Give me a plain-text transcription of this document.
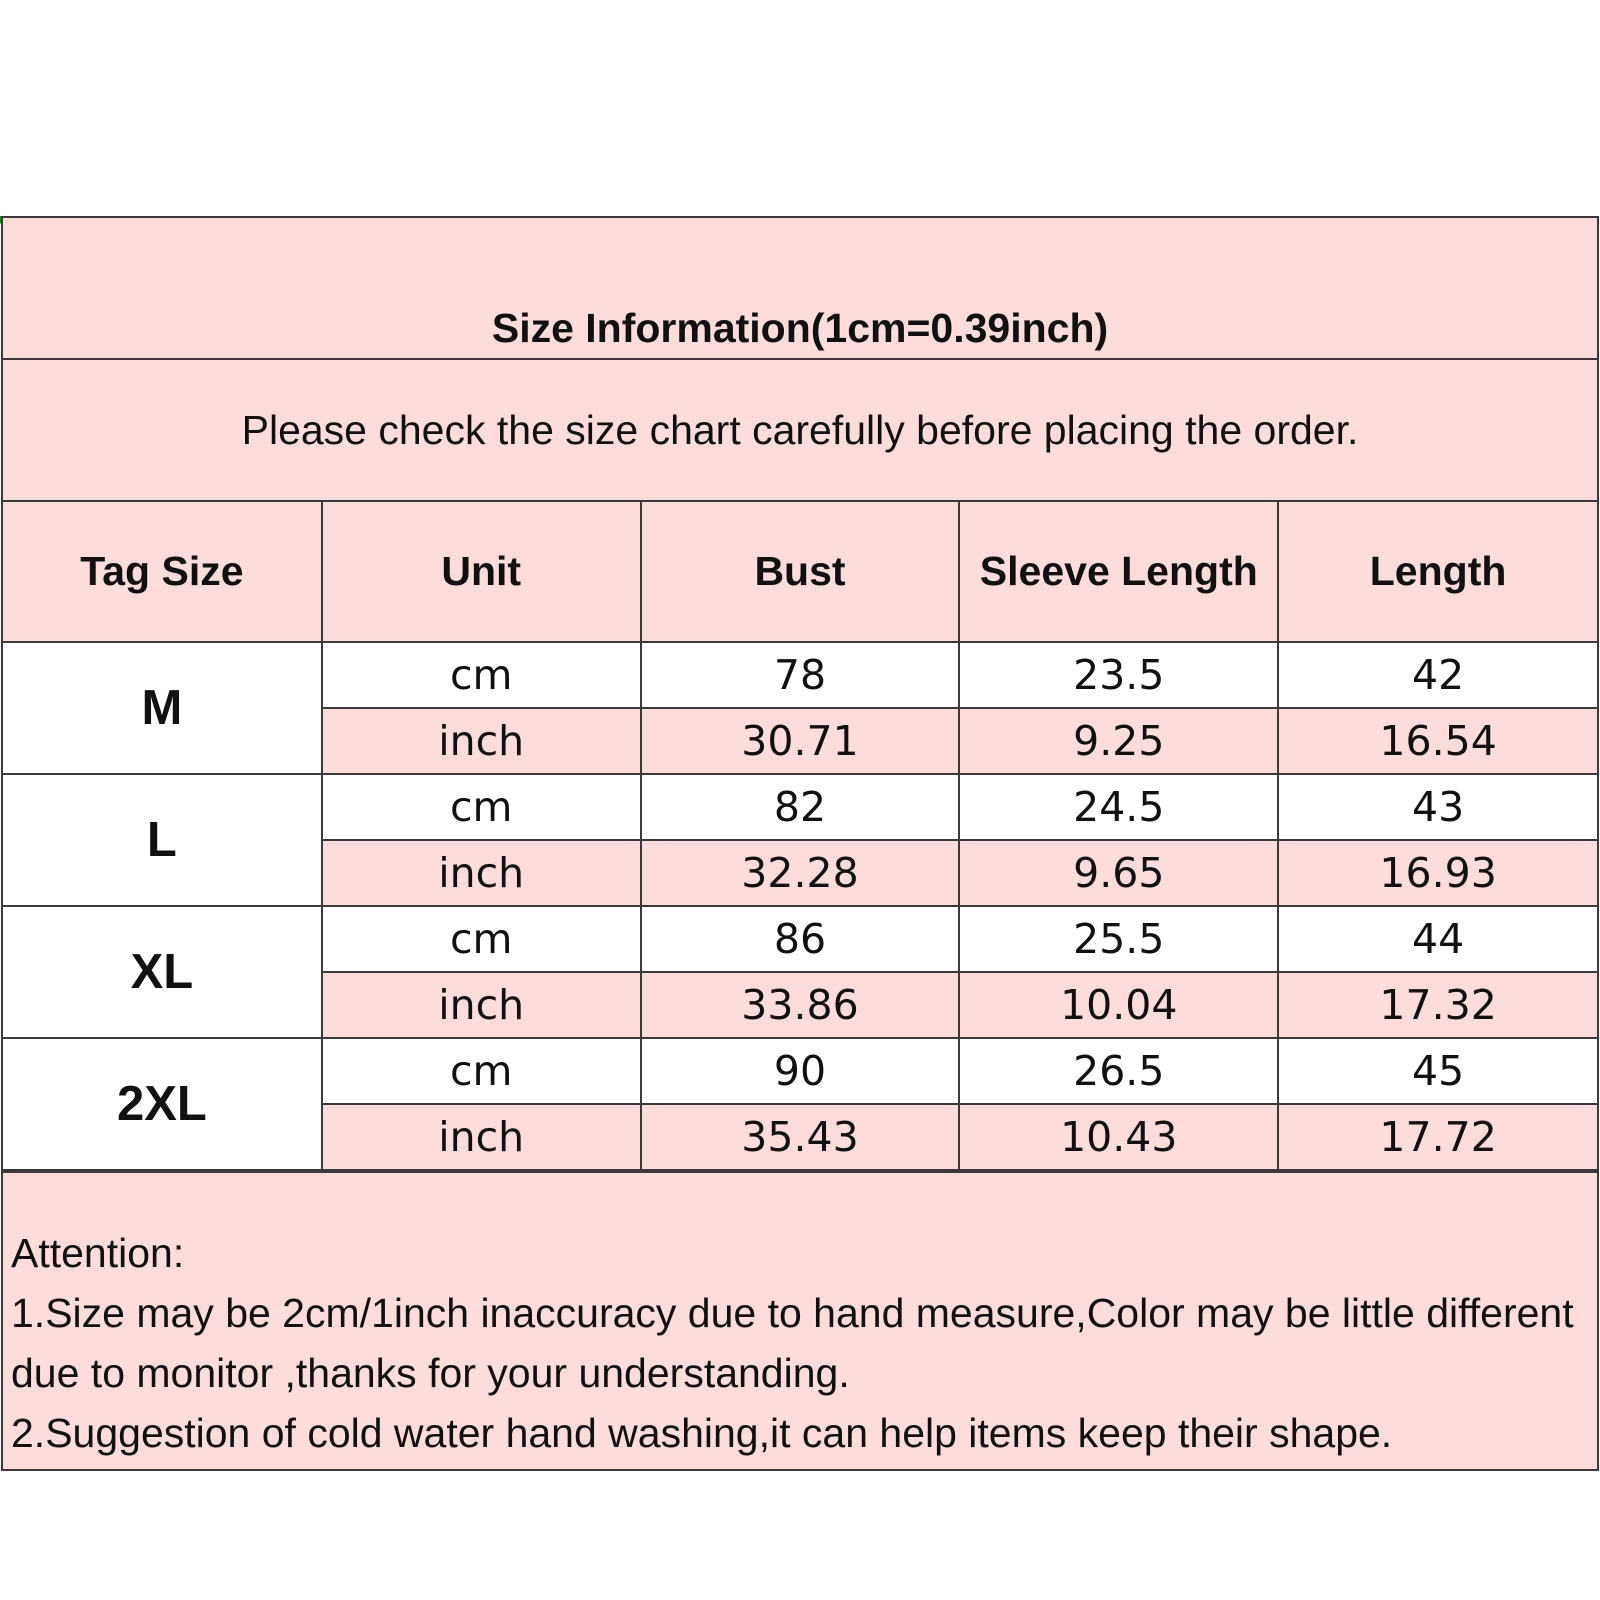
Size Information(1cm=0.39inch)
Please check the size chart carefully before placing the order.
Tag Size	Unit	Bust	Sleeve Length	Length
M	cm	78	23.5	42
	inch	30.71	9.25	16.54
L	cm	82	24.5	43
	inch	32.28	9.65	16.93
XL	cm	86	25.5	44
	inch	33.86	10.04	17.32
2XL	cm	90	26.5	45
	inch	35.43	10.43	17.72
Attention:
1.Size may be 2cm/1inch inaccuracy due to hand measure,Color may be little different due to monitor ,thanks for your understanding.
2.Suggestion of cold water hand washing,it can help items keep their shape.
